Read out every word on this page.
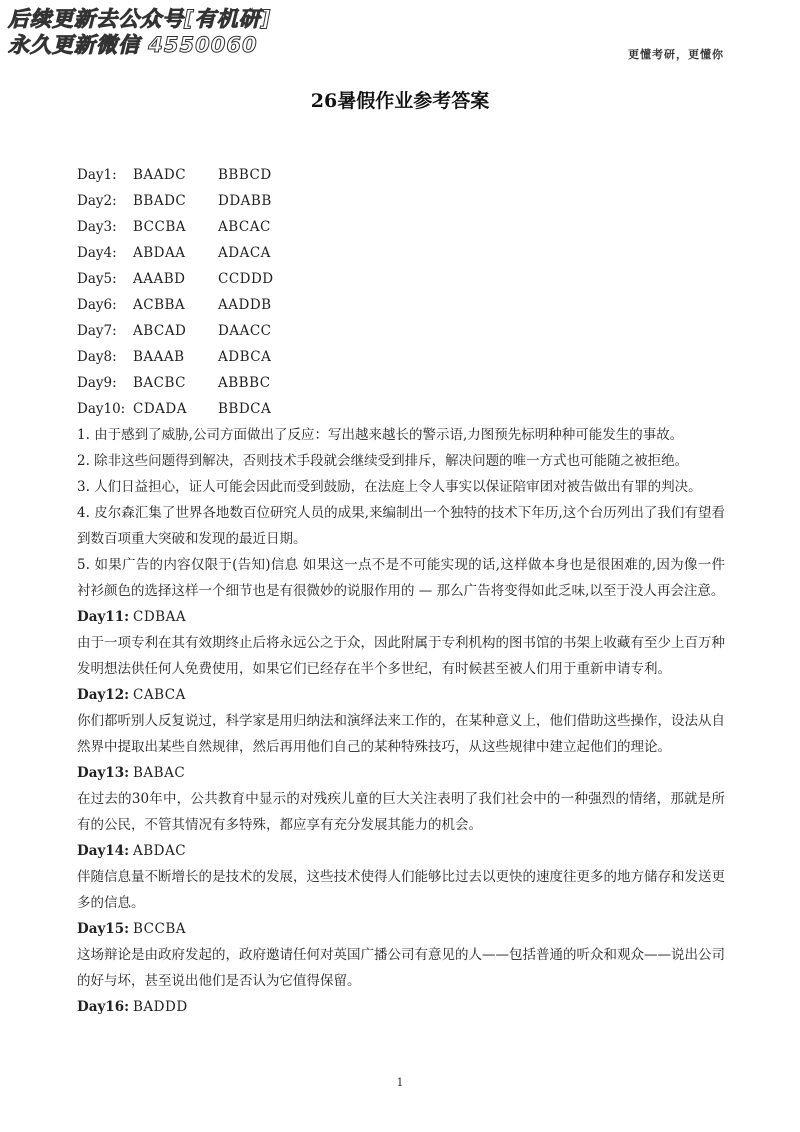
后续更新去公众号[有机研]
永久更新微信 4550060	更懂考研，更懂你
26暑假作业参考答案
Day1:	BAADC	BBBCD
Day2:	BBADC	DDABB
Day3:	BCCBA	ABCAC
Day4:	ABDAA	ADACA
Day5:	AAABD	CCDDD
Day6:	ACBBA	AADDB
Day7:	ABCAD	DAACC
Day8:	BAAAB	ADBCA
Day9:	BACBC	ABBBC
Day10: CDADA	BBDCA

1. 由于感到了威胁,公司方面做出了反应：写出越来越长的警示语,力图预先标明种种可能发生的事故。

2. 除非这些问题得到解决，否则技术手段就会继续受到排斥，解决问题的唯一方式也可能随之被拒绝。

3. 人们日益担心，证人可能会因此而受到鼓励，在法庭上令人事实以保证陪审团对被告做出有罪的判决。

4. 皮尔森汇集了世界各地数百位研究人员的成果,来编制出一个独特的技术下年历,这个台历列出了我们有望看到数百项重大突破和发现的最近日期。

5. 如果广告的内容仅限于(告知)信息 如果这一点不是不可能实现的话,这样做本身也是很困难的,因为像一件衬衫颜色的选择这样一个细节也是有很微妙的说服作用的 — 那么广告将变得如此乏味,以至于没人再会注意。

Day11: CDBAA

由于一项专利在其有效期终止后将永远公之于众，因此附属于专利机构的图书馆的书架上收藏有至少上百万种发明想法供任何人免费使用，如果它们已经存在半个多世纪，有时候甚至被人们用于重新申请专利。

Day12: CABCA

你们都听别人反复说过，科学家是用归纳法和演绎法来工作的，在某种意义上，他们借助这些操作，设法从自然界中提取出某些自然规律，然后再用他们自己的某种特殊技巧，从这些规律中建立起他们的理论。

Day13: BABAC

在过去的30年中，公共教育中显示的对残疾儿童的巨大关注表明了我们社会中的一种强烈的情绪，那就是所有的公民，不管其情况有多特殊，都应享有充分发展其能力的机会。

Day14: ABDAC

伴随信息量不断增长的是技术的发展，这些技术使得人们能够比过去以更快的速度往更多的地方储存和发送更多的信息。

Day15: BCCBA

这场辩论是由政府发起的，政府邀请任何对英国广播公司有意见的人——包括普通的听众和观众——说出公司的好与坏，甚至说出他们是否认为它值得保留。

Day16: BADDD
1
